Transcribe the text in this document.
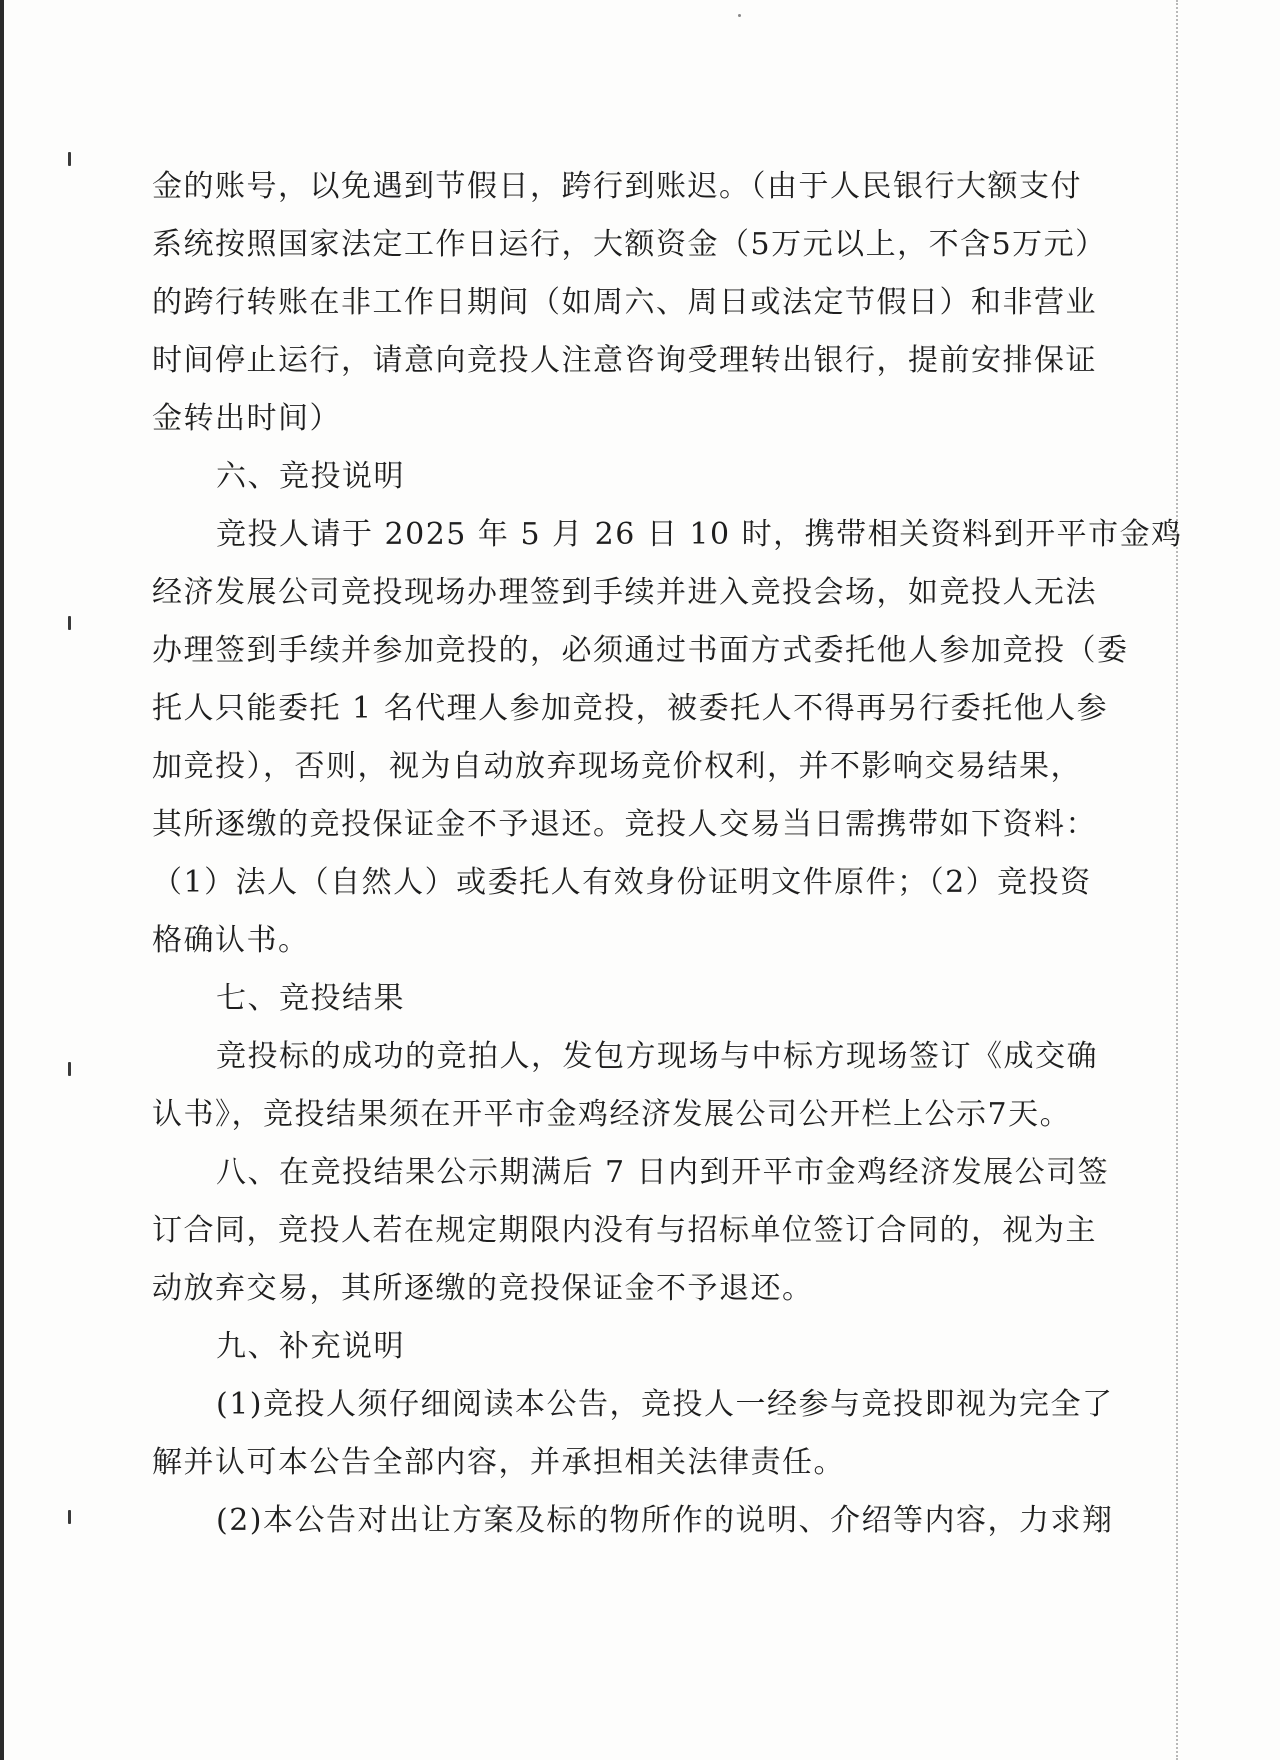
金的账号，以免遇到节假日，跨行到账迟。（由于人民银行大额支付
系统按照国家法定工作日运行，大额资金（5万元以上，不含5万元）
的跨行转账在非工作日期间（如周六、周日或法定节假日）和非营业
时间停止运行，请意向竞投人注意咨询受理转出银行，提前安排保证
金转出时间）
六、竞投说明
竞投人请于 2025 年 5 月 26 日 10 时，携带相关资料到开平市金鸡
经济发展公司竞投现场办理签到手续并进入竞投会场，如竞投人无法
办理签到手续并参加竞投的，必须通过书面方式委托他人参加竞投（委
托人只能委托 1 名代理人参加竞投，被委托人不得再另行委托他人参
加竞投），否则，视为自动放弃现场竞价权利，并不影响交易结果，
其所逐缴的竞投保证金不予退还。竞投人交易当日需携带如下资料：
（1）法人（自然人）或委托人有效身份证明文件原件；（2）竞投资
格确认书。
七、竞投结果
竞投标的成功的竞拍人，发包方现场与中标方现场签订《成交确
认书》，竞投结果须在开平市金鸡经济发展公司公开栏上公示7天。
八、在竞投结果公示期满后 7 日内到开平市金鸡经济发展公司签
订合同，竞投人若在规定期限内没有与招标单位签订合同的，视为主
动放弃交易，其所逐缴的竞投保证金不予退还。
九、补充说明
(1)竞投人须仔细阅读本公告，竞投人一经参与竞投即视为完全了
解并认可本公告全部内容，并承担相关法律责任。
(2)本公告对出让方案及标的物所作的说明、介绍等内容，力求翔
